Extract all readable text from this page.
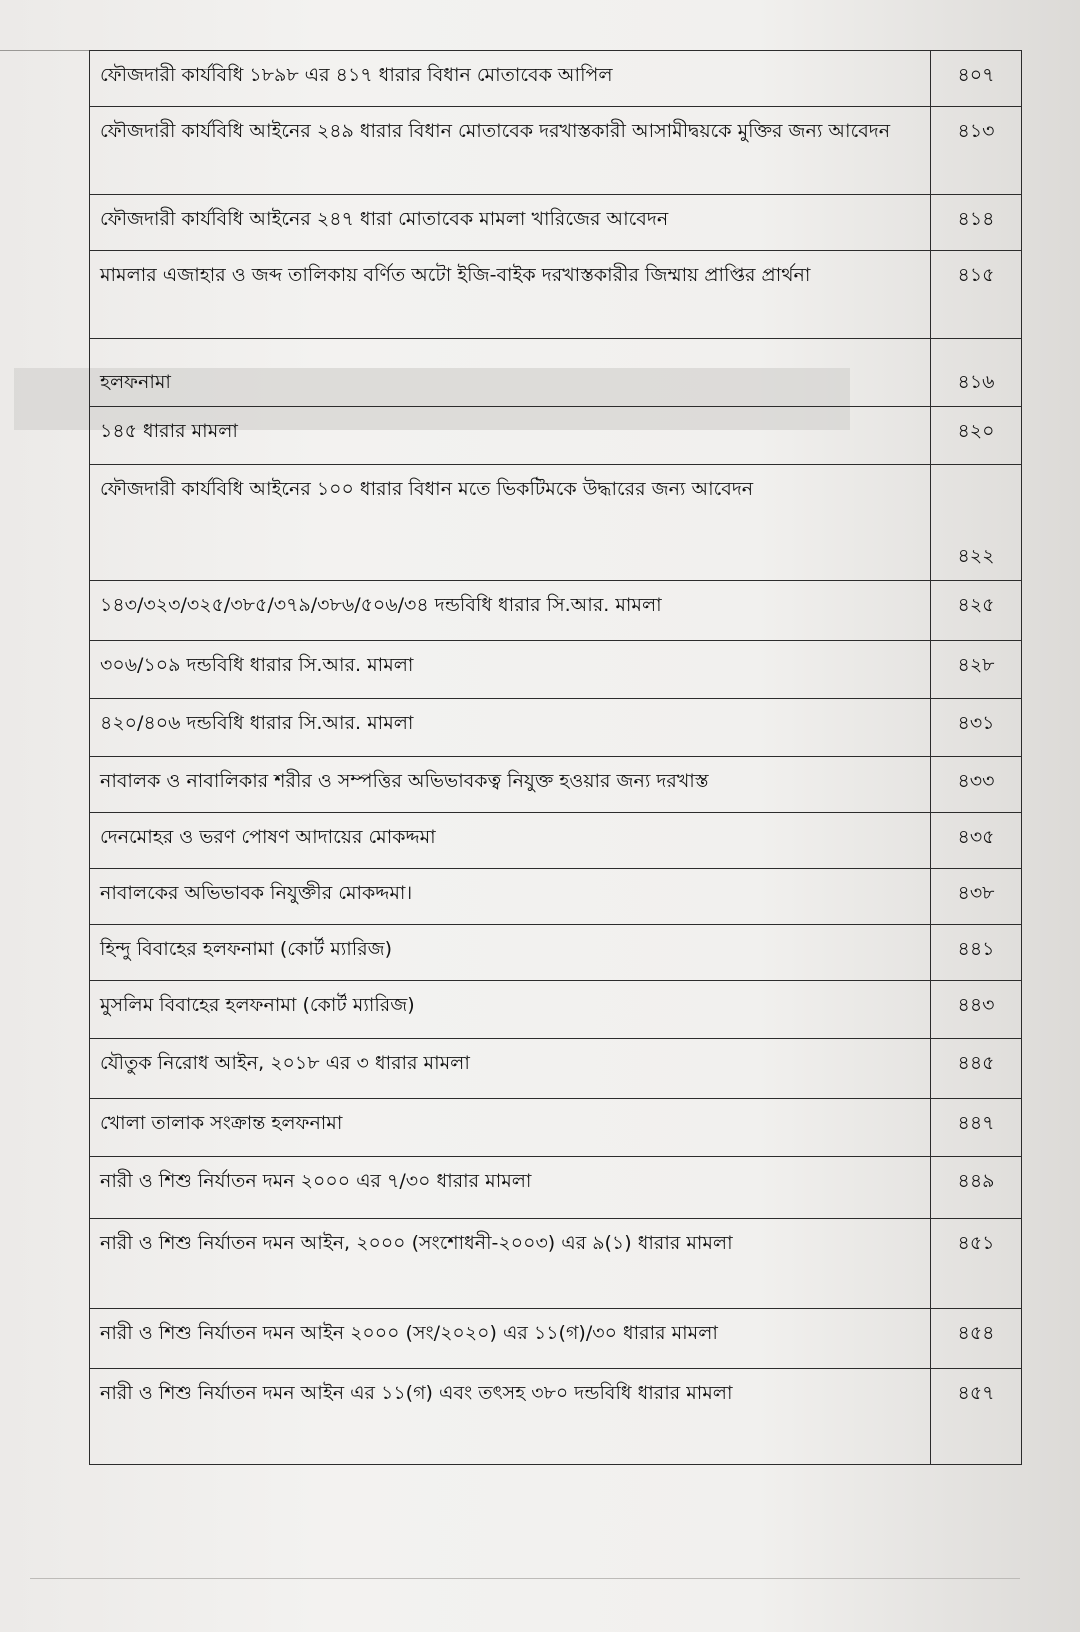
ফৌজদারী কার্যবিধি ১৮৯৮ এর ৪১৭ ধারার বিধান মোতাবেক আপিল	৪০৭
ফৌজদারী কার্যবিধি আইনের ২৪৯ ধারার বিধান মোতাবেক দরখাস্তকারী আসামীদ্বয়কে মুক্তির জন্য আবেদন	৪১৩
ফৌজদারী কার্যবিধি আইনের ২৪৭ ধারা মোতাবেক মামলা খারিজের আবেদন	৪১৪
মামলার এজাহার ও জব্দ তালিকায় বর্ণিত অটো ইজি-বাইক দরখাস্তকারীর জিম্মায় প্রাপ্তির প্রার্থনা	৪১৫
হলফনামা	৪১৬
১৪৫ ধারার মামলা	৪২০
ফৌজদারী কার্যবিধি আইনের ১০০ ধারার বিধান মতে ভিকটিমকে উদ্ধারের জন্য আবেদন	৪২২
১৪৩/৩২৩/৩২৫/৩৮৫/৩৭৯/৩৮৬/৫০৬/৩৪ দন্ডবিধি ধারার সি.আর. মামলা	৪২৫
৩০৬/১০৯ দন্ডবিধি ধারার সি.আর. মামলা	৪২৮
৪২০/৪০৬ দন্ডবিধি ধারার সি.আর. মামলা	৪৩১
নাবালক ও নাবালিকার শরীর ও সম্পত্তির অভিভাবকত্ব নিযুক্ত হওয়ার জন্য দরখাস্ত	৪৩৩
দেনমোহর ও ভরণ পোষণ আদায়ের মোকদ্দমা	৪৩৫
নাবালকের অভিভাবক নিযুক্তীর মোকদ্দমা।	৪৩৮
হিন্দু বিবাহের হলফনামা (কোর্ট ম্যারিজ)	৪৪১
মুসলিম বিবাহের হলফনামা (কোর্ট ম্যারিজ)	৪৪৩
যৌতুক নিরোধ আইন, ২০১৮ এর ৩ ধারার মামলা	৪৪৫
খোলা তালাক সংক্রান্ত হলফনামা	৪৪৭
নারী ও শিশু নির্যাতন দমন ২০০০ এর ৭/৩০ ধারার মামলা	৪৪৯
নারী ও শিশু নির্যাতন দমন আইন, ২০০০ (সংশোধনী-২০০৩) এর ৯(১) ধারার মামলা	৪৫১
নারী ও শিশু নির্যাতন দমন আইন ২০০০ (সং/২০২০) এর ১১(গ)/৩০ ধারার মামলা	৪৫৪
নারী ও শিশু নির্যাতন দমন আইন এর ১১(গ) এবং তৎসহ ৩৮০ দন্ডবিধি ধারার মামলা	৪৫৭
